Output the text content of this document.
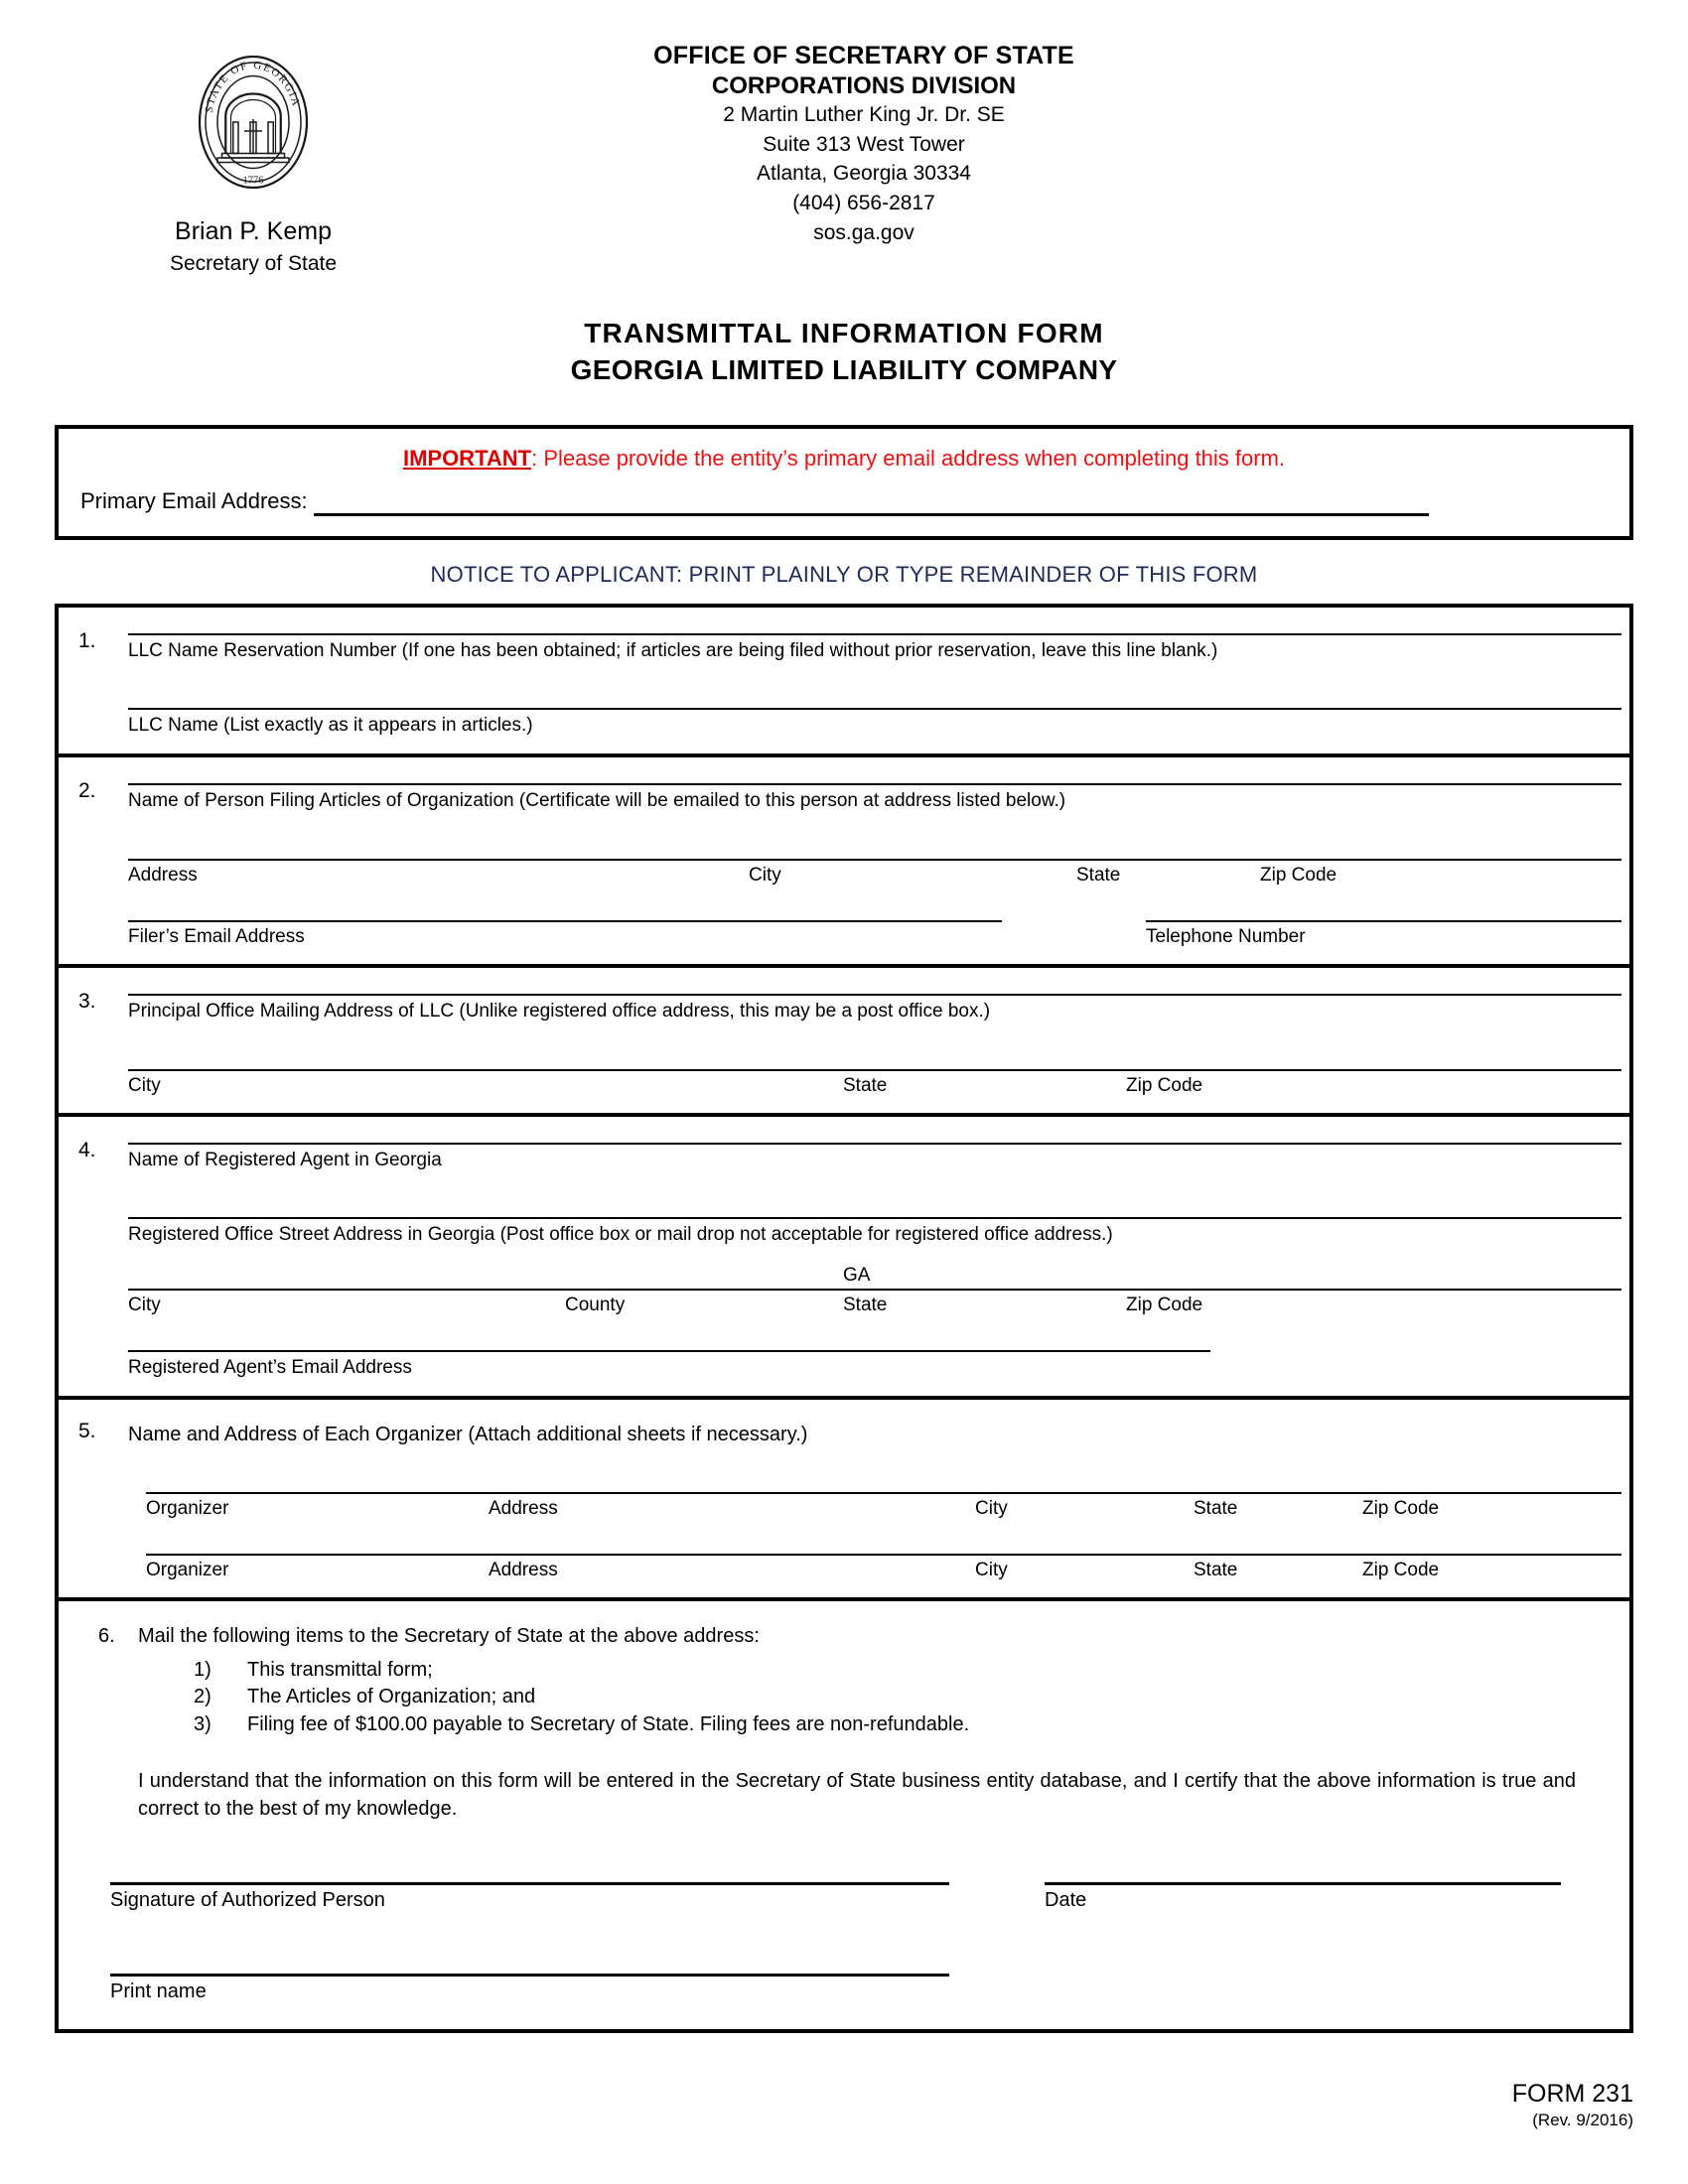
STATE OF GEORGIA
1776
Brian P. Kemp
Secretary of State
OFFICE OF SECRETARY OF STATE
CORPORATIONS DIVISION
2 Martin Luther King Jr. Dr. SE
Suite 313 West Tower
Atlanta, Georgia 30334
(404) 656-2817
sos.ga.gov
TRANSMITTAL INFORMATION FORM
GEORGIA LIMITED LIABILITY COMPANY
IMPORTANT: Please provide the entity’s primary email address when completing this form.
Primary Email Address:
NOTICE TO APPLICANT: PRINT PLAINLY OR TYPE REMAINDER OF THIS FORM
1. LLC Name Reservation Number (If one has been obtained; if articles are being filed without prior reservation, leave this line blank.)
LLC Name (List exactly as it appears in articles.)
2. Name of Person Filing Articles of Organization (Certificate will be emailed to this person at address listed below.)
Address	City	State	Zip Code
Filer’s Email Address	Telephone Number
3. Principal Office Mailing Address of LLC (Unlike registered office address, this may be a post office box.)
City	State	Zip Code
4. Name of Registered Agent in Georgia
Registered Office Street Address in Georgia (Post office box or mail drop not acceptable for registered office address.)
GA
City	County	State	Zip Code
Registered Agent’s Email Address
5.	Name and Address of Each Organizer (Attach additional sheets if necessary.)
Organizer	Address	City	State	Zip Code
Organizer	Address	City	State	Zip Code
6. Mail the following items to the Secretary of State at the above address:
1) This transmittal form;
2) The Articles of Organization; and
3) Filing fee of $100.00 payable to Secretary of State. Filing fees are non-refundable.
I understand that the information on this form will be entered in the Secretary of State business entity database, and I certify that the above information is true and correct to the best of my knowledge.
Signature of Authorized Person	Date
Print name
FORM 231
(Rev. 9/2016)
